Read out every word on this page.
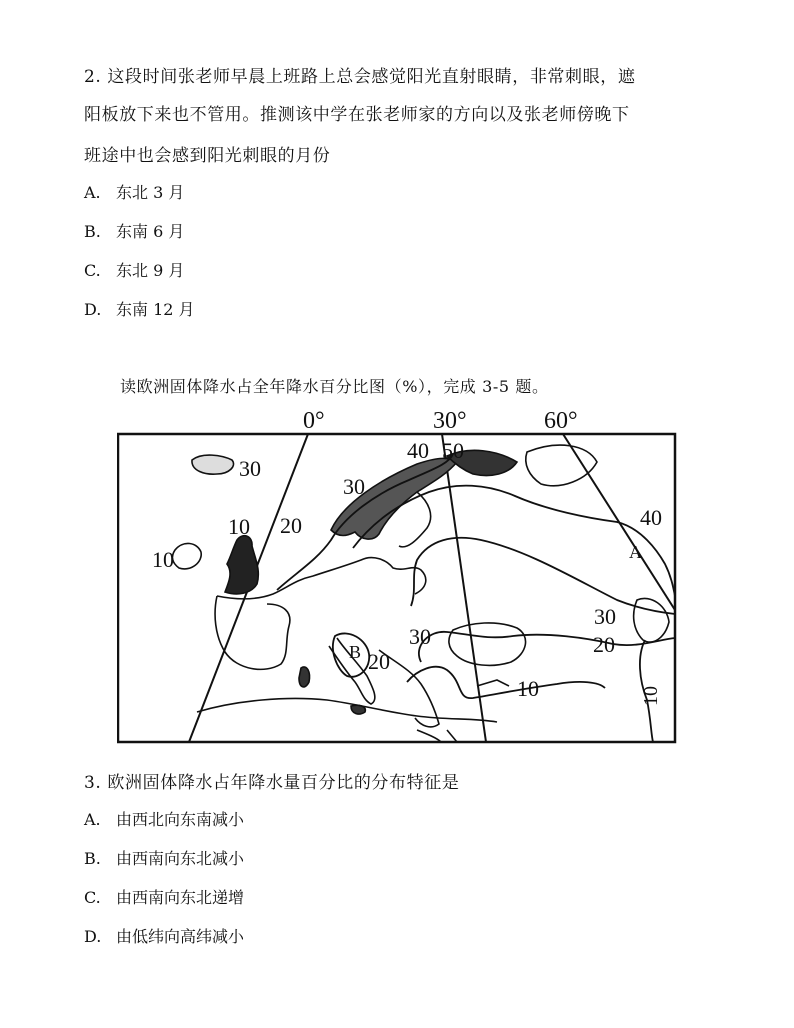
2. 这段时间张老师早晨上班路上总会感觉阳光直射眼睛，非常刺眼，遮
阳板放下来也不管用。推测该中学在张老师家的方向以及张老师傍晚下
班途中也会感到阳光刺眼的月份
A. 东北 3 月
B. 东南 6 月
C. 东北 9 月
D. 东南 12 月
读欧洲固体降水占全年降水百分比图（%），完成 3-5 题。
0°	30°	60°
30
10 20
10
40 50
30
40
A
30
20
30
B 20
10	10
3. 欧洲固体降水占年降水量百分比的分布特征是
A. 由西北向东南减小
B. 由西南向东北减小
C. 由西南向东北递增
D. 由低纬向高纬减小
